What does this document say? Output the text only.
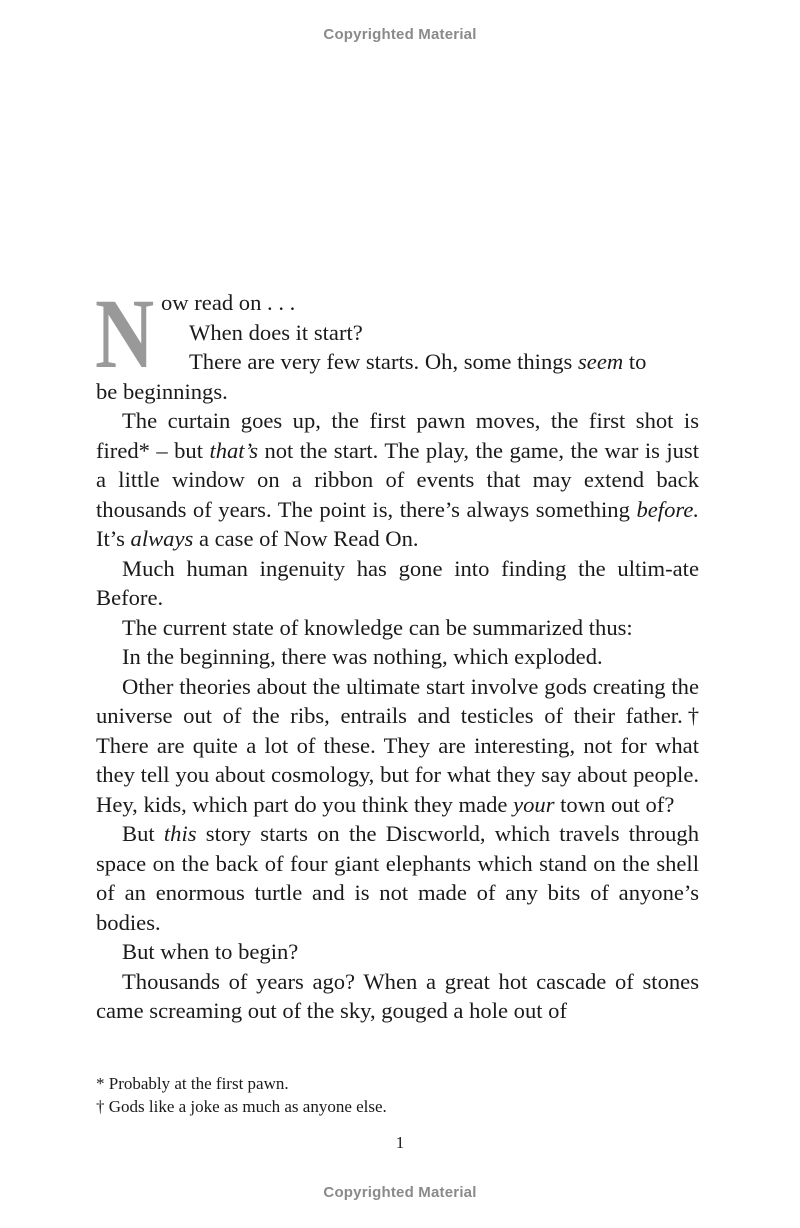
Copyrighted Material
N ow read on . . .
When does it start?
There are very few starts. Oh, some things seem to
be beginnings.

The curtain goes up, the first pawn moves, the first shot is fired* – but that’s not the start. The play, the game, the war is just a little window on a ribbon of events that may extend back thousands of years. The point is, there’s always something before. It’s always a case of Now Read On.

Much human ingenuity has gone into finding the ultim-ate Before.

The current state of knowledge can be summarized thus:

In the beginning, there was nothing, which exploded.

Other theories about the ultimate start involve gods creating the universe out of the ribs, entrails and testicles of their father.† There are quite a lot of these. They are interesting, not for what they tell you about cosmology, but for what they say about people. Hey, kids, which part do you think they made your town out of?

But this story starts on the Discworld, which travels through space on the back of four giant elephants which stand on the shell of an enormous turtle and is not made of any bits of anyone’s bodies.

But when to begin?

Thousands of years ago? When a great hot cascade of stones came screaming out of the sky, gouged a hole out of

* Probably at the first pawn.

† Gods like a joke as much as anyone else.

1
Copyrighted Material
